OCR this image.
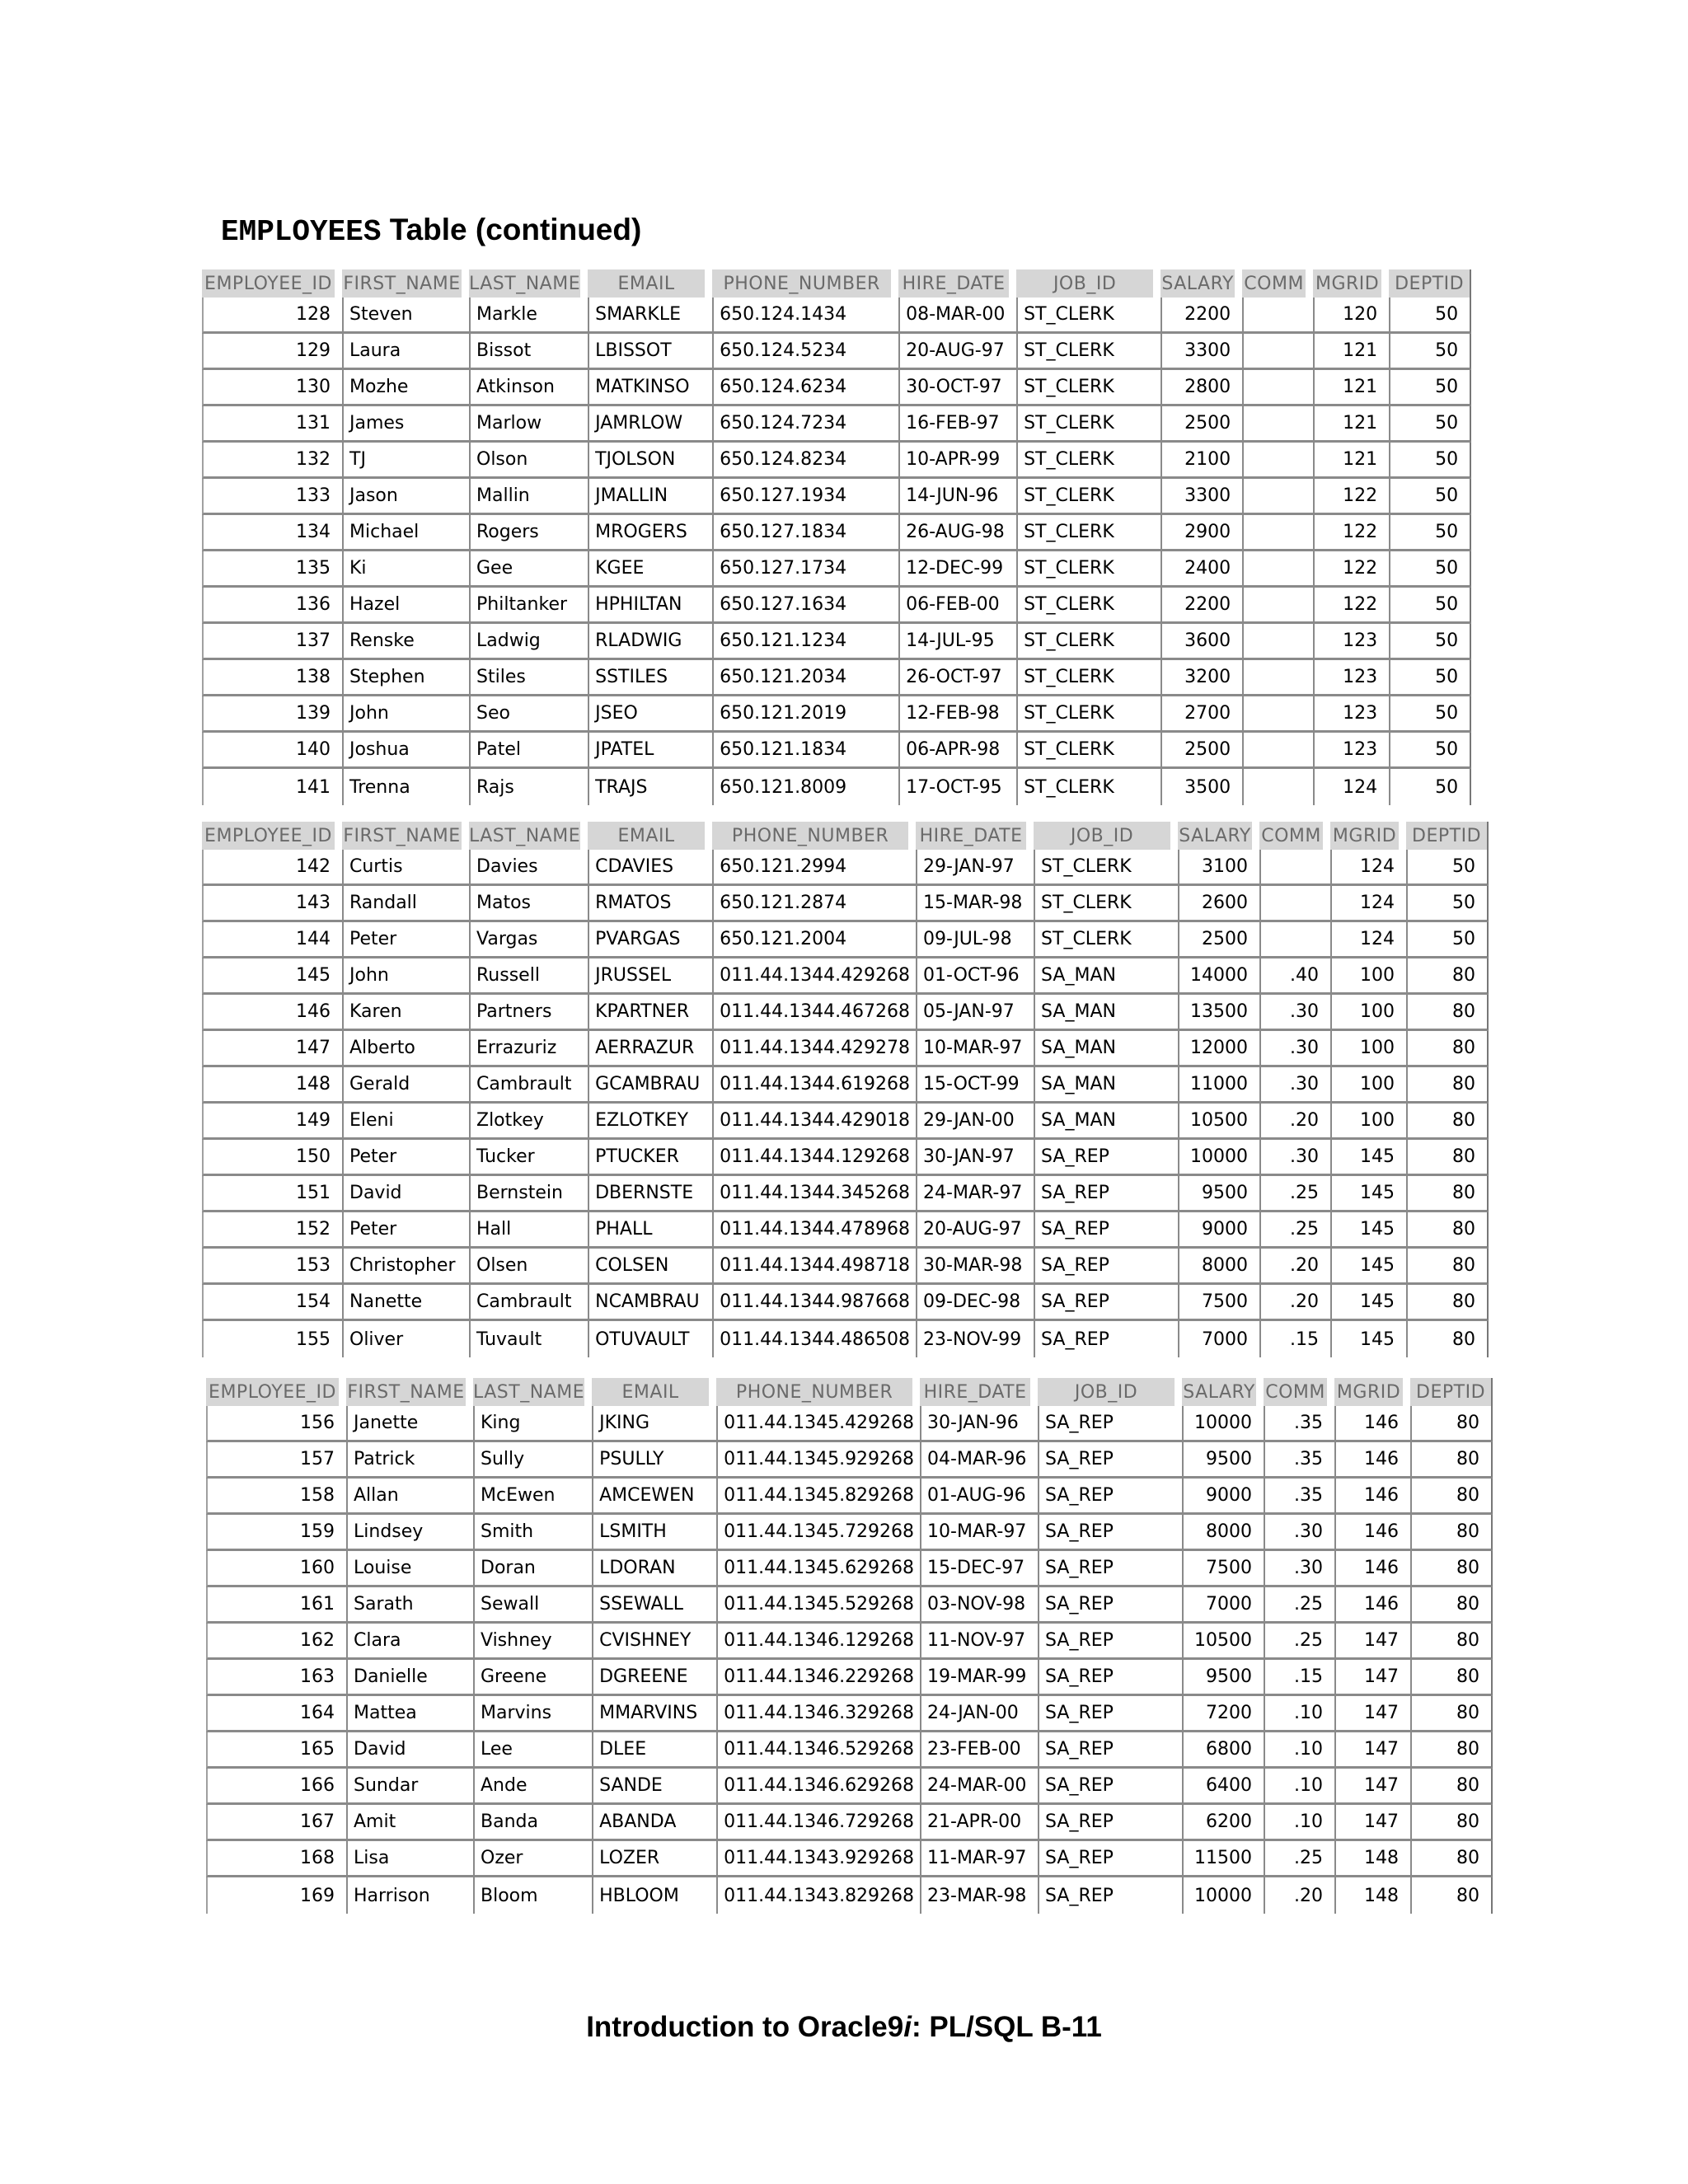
EMPLOYEES Table (continued)
EMPLOYEE_ID	FIRST_NAME	LAST_NAME	EMAIL	PHONE_NUMBER	HIRE_DATE	JOB_ID	SALARY	COMM	MGRID	DEPTID
128	Steven	Markle	SMARKLE	650.124.1434	08-MAR-00	ST_CLERK	2200		120	50
129	Laura	Bissot	LBISSOT	650.124.5234	20-AUG-97	ST_CLERK	3300		121	50
130	Mozhe	Atkinson	MATKINSO	650.124.6234	30-OCT-97	ST_CLERK	2800		121	50
131	James	Marlow	JAMRLOW	650.124.7234	16-FEB-97	ST_CLERK	2500		121	50
132	TJ	Olson	TJOLSON	650.124.8234	10-APR-99	ST_CLERK	2100		121	50
133	Jason	Mallin	JMALLIN	650.127.1934	14-JUN-96	ST_CLERK	3300		122	50
134	Michael	Rogers	MROGERS	650.127.1834	26-AUG-98	ST_CLERK	2900		122	50
135	Ki	Gee	KGEE	650.127.1734	12-DEC-99	ST_CLERK	2400		122	50
136	Hazel	Philtanker	HPHILTAN	650.127.1634	06-FEB-00	ST_CLERK	2200		122	50
137	Renske	Ladwig	RLADWIG	650.121.1234	14-JUL-95	ST_CLERK	3600		123	50
138	Stephen	Stiles	SSTILES	650.121.2034	26-OCT-97	ST_CLERK	3200		123	50
139	John	Seo	JSEO	650.121.2019	12-FEB-98	ST_CLERK	2700		123	50
140	Joshua	Patel	JPATEL	650.121.1834	06-APR-98	ST_CLERK	2500		123	50
141	Trenna	Rajs	TRAJS	650.121.8009	17-OCT-95	ST_CLERK	3500		124	50
EMPLOYEE_ID	FIRST_NAME	LAST_NAME	EMAIL	PHONE_NUMBER	HIRE_DATE	JOB_ID	SALARY	COMM	MGRID	DEPTID
142	Curtis	Davies	CDAVIES	650.121.2994	29-JAN-97	ST_CLERK	3100		124	50
143	Randall	Matos	RMATOS	650.121.2874	15-MAR-98	ST_CLERK	2600		124	50
144	Peter	Vargas	PVARGAS	650.121.2004	09-JUL-98	ST_CLERK	2500		124	50
145	John	Russell	JRUSSEL	011.44.1344.429268	01-OCT-96	SA_MAN	14000	.40	100	80
146	Karen	Partners	KPARTNER	011.44.1344.467268	05-JAN-97	SA_MAN	13500	.30	100	80
147	Alberto	Errazuriz	AERRAZUR	011.44.1344.429278	10-MAR-97	SA_MAN	12000	.30	100	80
148	Gerald	Cambrault	GCAMBRAU	011.44.1344.619268	15-OCT-99	SA_MAN	11000	.30	100	80
149	Eleni	Zlotkey	EZLOTKEY	011.44.1344.429018	29-JAN-00	SA_MAN	10500	.20	100	80
150	Peter	Tucker	PTUCKER	011.44.1344.129268	30-JAN-97	SA_REP	10000	.30	145	80
151	David	Bernstein	DBERNSTE	011.44.1344.345268	24-MAR-97	SA_REP	9500	.25	145	80
152	Peter	Hall	PHALL	011.44.1344.478968	20-AUG-97	SA_REP	9000	.25	145	80
153	Christopher	Olsen	COLSEN	011.44.1344.498718	30-MAR-98	SA_REP	8000	.20	145	80
154	Nanette	Cambrault	NCAMBRAU	011.44.1344.987668	09-DEC-98	SA_REP	7500	.20	145	80
155	Oliver	Tuvault	OTUVAULT	011.44.1344.486508	23-NOV-99	SA_REP	7000	.15	145	80
EMPLOYEE_ID	FIRST_NAME	LAST_NAME	EMAIL	PHONE_NUMBER	HIRE_DATE	JOB_ID	SALARY	COMM	MGRID	DEPTID
156	Janette	King	JKING	011.44.1345.429268	30-JAN-96	SA_REP	10000	.35	146	80
157	Patrick	Sully	PSULLY	011.44.1345.929268	04-MAR-96	SA_REP	9500	.35	146	80
158	Allan	McEwen	AMCEWEN	011.44.1345.829268	01-AUG-96	SA_REP	9000	.35	146	80
159	Lindsey	Smith	LSMITH	011.44.1345.729268	10-MAR-97	SA_REP	8000	.30	146	80
160	Louise	Doran	LDORAN	011.44.1345.629268	15-DEC-97	SA_REP	7500	.30	146	80
161	Sarath	Sewall	SSEWALL	011.44.1345.529268	03-NOV-98	SA_REP	7000	.25	146	80
162	Clara	Vishney	CVISHNEY	011.44.1346.129268	11-NOV-97	SA_REP	10500	.25	147	80
163	Danielle	Greene	DGREENE	011.44.1346.229268	19-MAR-99	SA_REP	9500	.15	147	80
164	Mattea	Marvins	MMARVINS	011.44.1346.329268	24-JAN-00	SA_REP	7200	.10	147	80
165	David	Lee	DLEE	011.44.1346.529268	23-FEB-00	SA_REP	6800	.10	147	80
166	Sundar	Ande	SANDE	011.44.1346.629268	24-MAR-00	SA_REP	6400	.10	147	80
167	Amit	Banda	ABANDA	011.44.1346.729268	21-APR-00	SA_REP	6200	.10	147	80
168	Lisa	Ozer	LOZER	011.44.1343.929268	11-MAR-97	SA_REP	11500	.25	148	80
169	Harrison	Bloom	HBLOOM	011.44.1343.829268	23-MAR-98	SA_REP	10000	.20	148	80
Introduction to Oracle9i: PL/SQL B-11
